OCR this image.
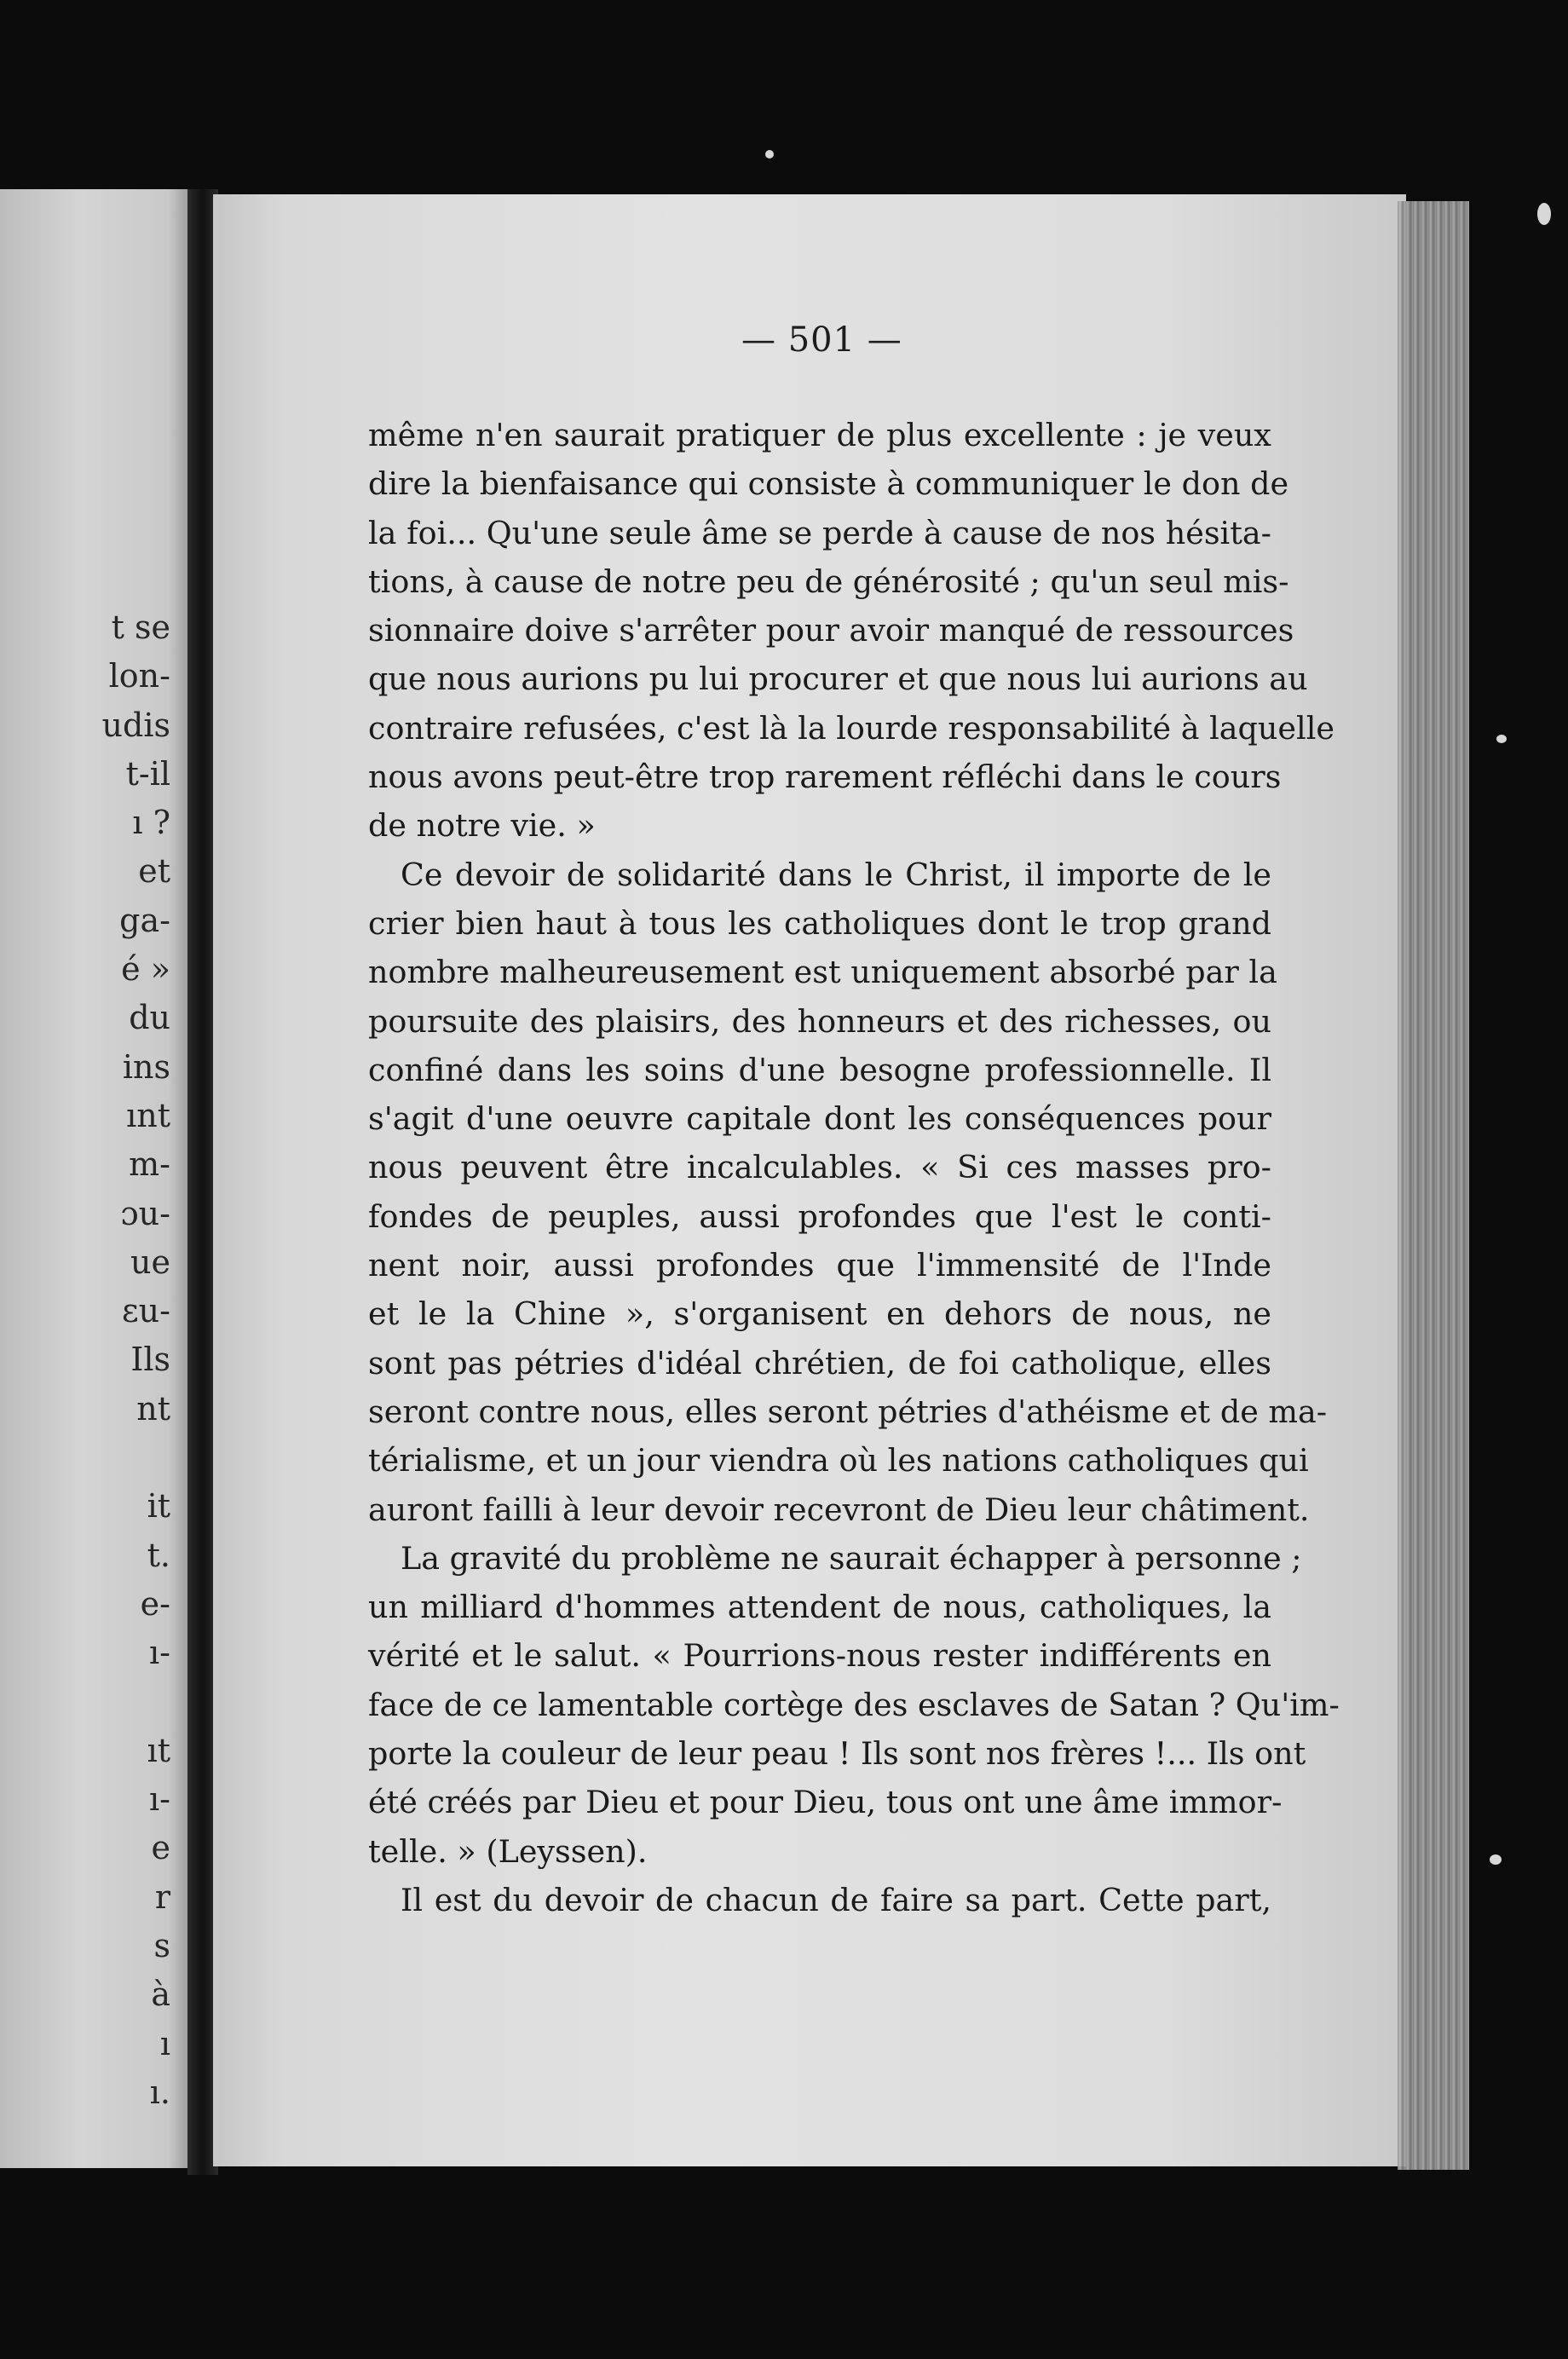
t se
lon-
udis
t-il
ı ?
et
ga-
é »
du
ins
ınt
m-
ɔu-
ue
ɛu-
Ils
nt
it
t.
e-
ı-
ıt
ı-
e
r
s
à
ı
ı.
— 501 —
même n'en saurait pratiquer de plus excellente : je veux
dire la bienfaisance qui consiste à communiquer le don de
la foi... Qu'une seule âme se perde à cause de nos hésita-
tions, à cause de notre peu de générosité ; qu'un seul mis-
sionnaire doive s'arrêter pour avoir manqué de ressources
que nous aurions pu lui procurer et que nous lui aurions au
contraire refusées, c'est là la lourde responsabilité à laquelle
nous avons peut-être trop rarement réfléchi dans le cours
de notre vie. »
Ce devoir de solidarité dans le Christ, il importe de le
crier bien haut à tous les catholiques dont le trop grand
nombre malheureusement est uniquement absorbé par la
poursuite des plaisirs, des honneurs et des richesses, ou
confiné dans les soins d'une besogne professionnelle. Il
s'agit d'une oeuvre capitale dont les conséquences pour
nous peuvent être incalculables. « Si ces masses pro-
fondes de peuples, aussi profondes que l'est le conti-
nent noir, aussi profondes que l'immensité de l'Inde
et le la Chine », s'organisent en dehors de nous, ne
sont pas pétries d'idéal chrétien, de foi catholique, elles
seront contre nous, elles seront pétries d'athéisme et de ma-
térialisme, et un jour viendra où les nations catholiques qui
auront failli à leur devoir recevront de Dieu leur châtiment.
La gravité du problème ne saurait échapper à personne ;
un milliard d'hommes attendent de nous, catholiques, la
vérité et le salut. « Pourrions-nous rester indifférents en
face de ce lamentable cortège des esclaves de Satan ? Qu'im-
porte la couleur de leur peau ! Ils sont nos frères !... Ils ont
été créés par Dieu et pour Dieu, tous ont une âme immor-
telle. » (Leyssen).
Il est du devoir de chacun de faire sa part. Cette part,
